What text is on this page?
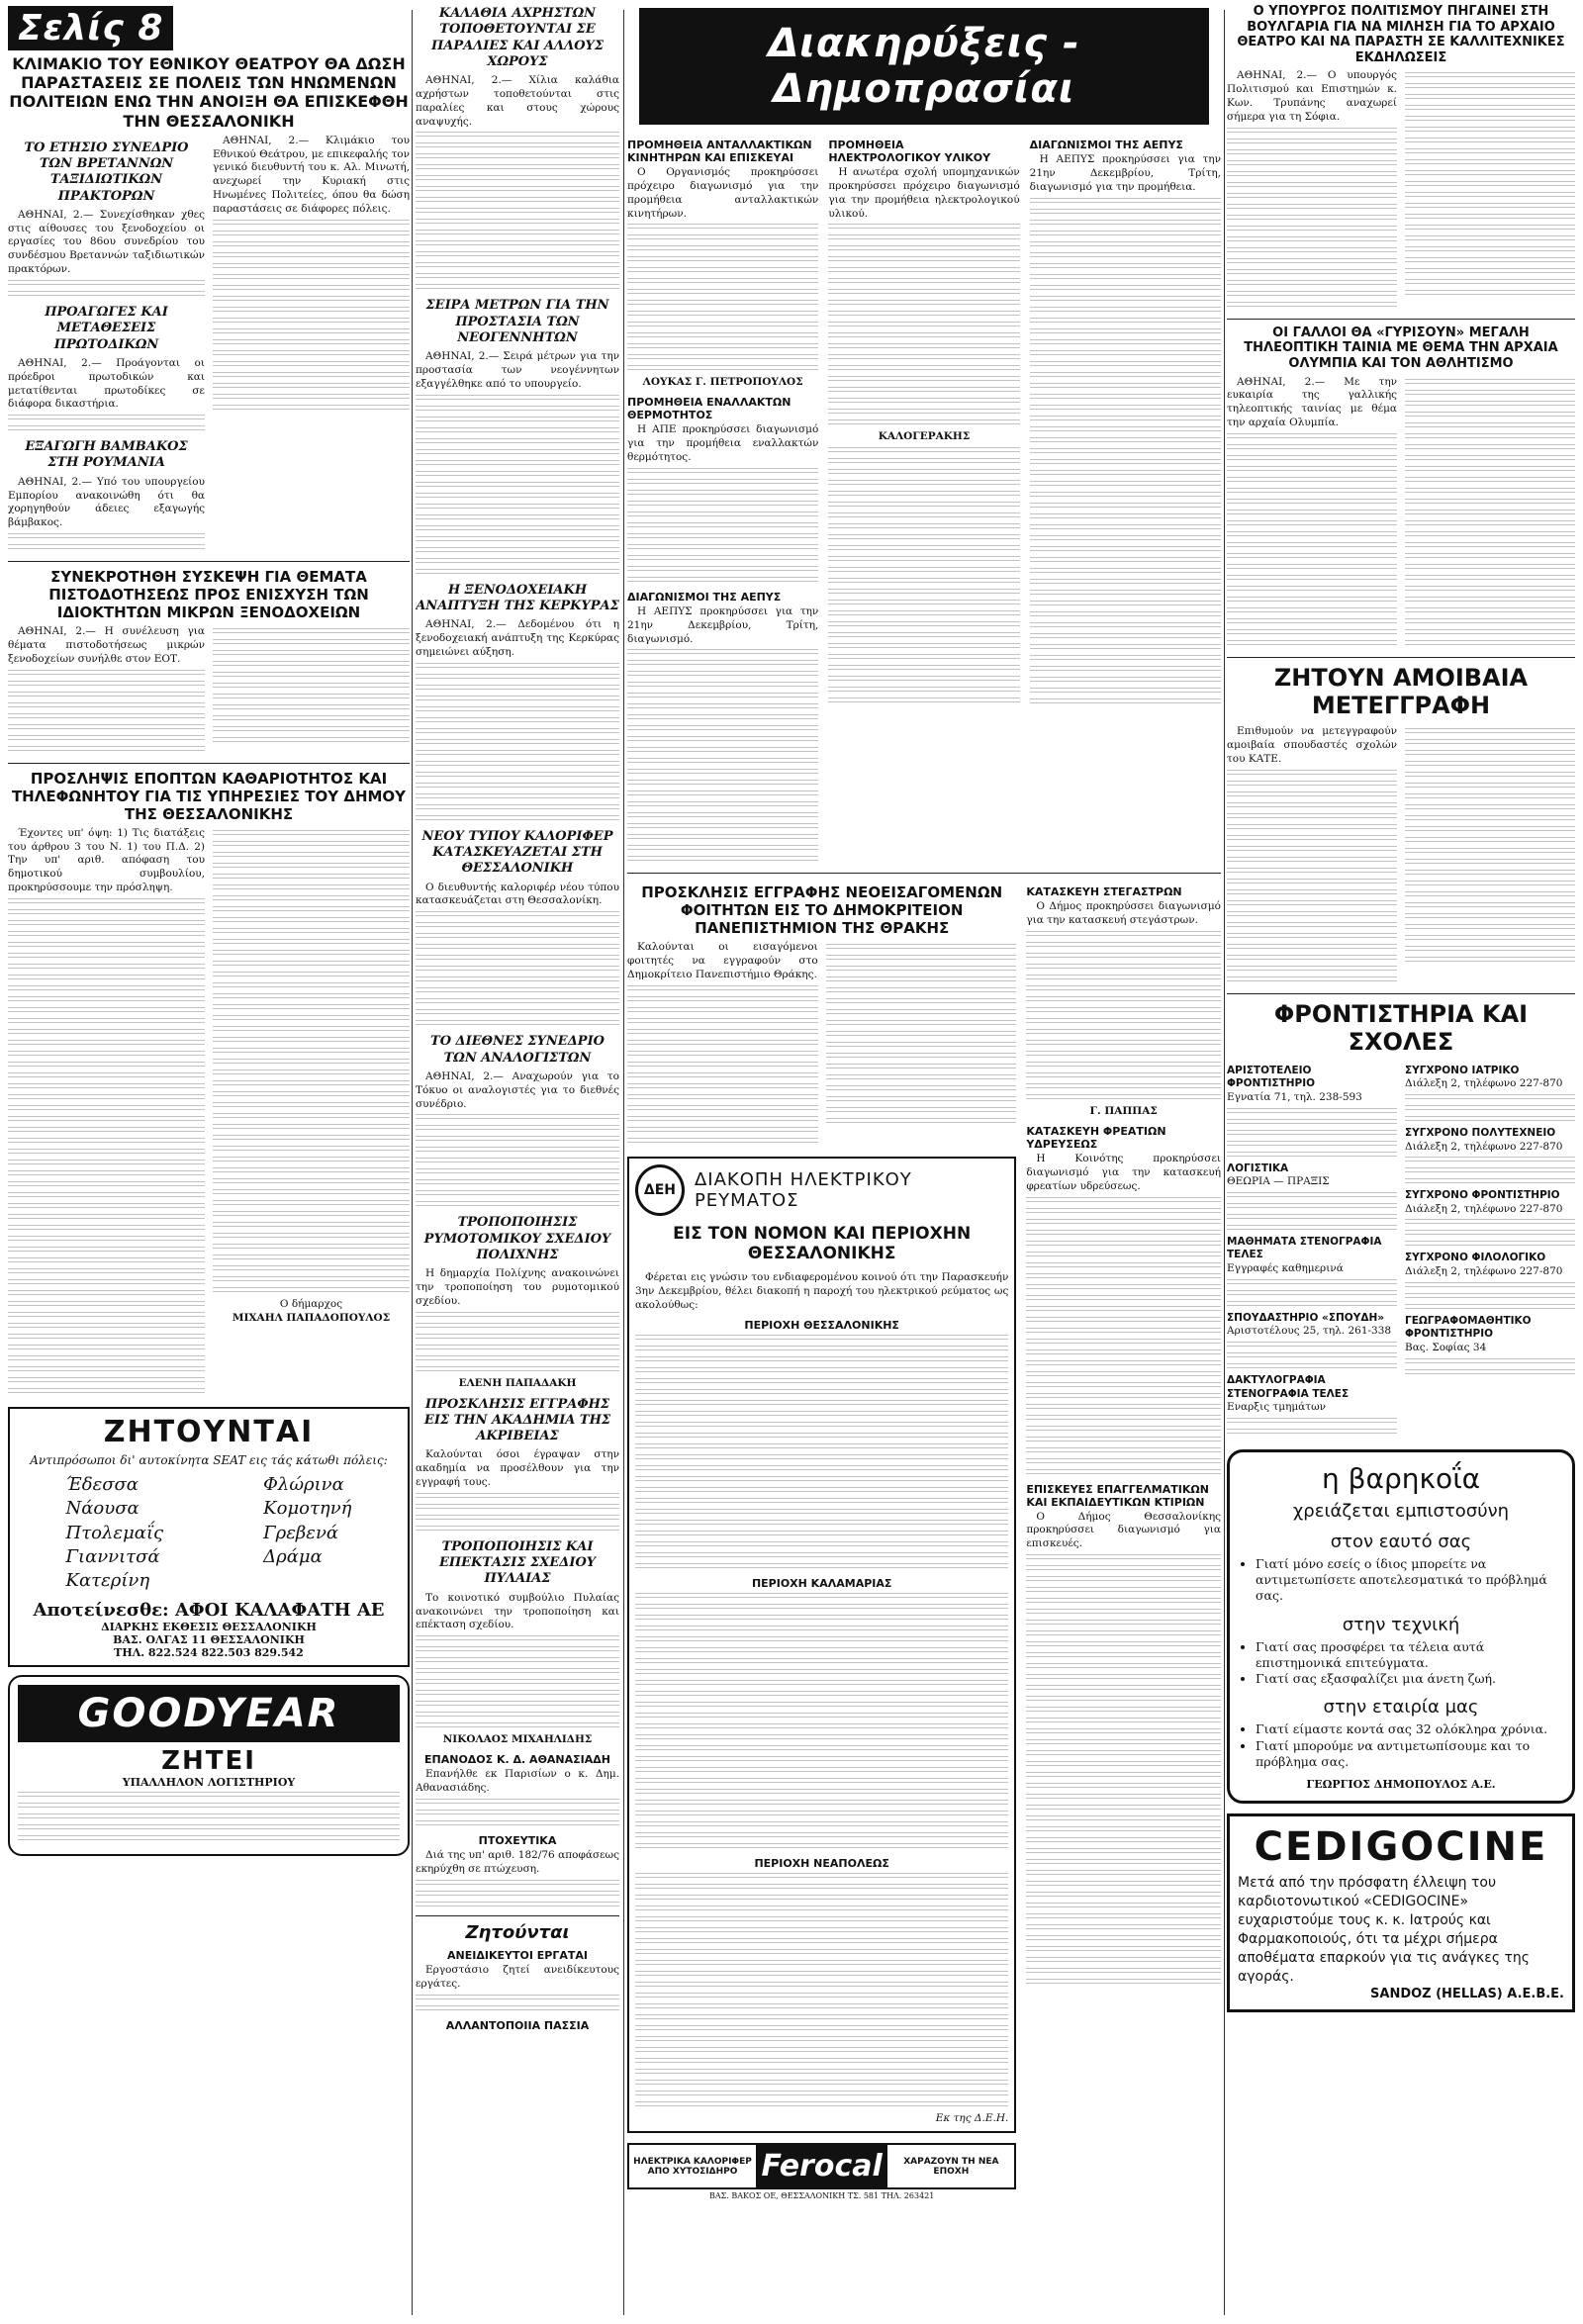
Σελίς 8
ΚΛΙΜΑΚΙΟ ΤΟΥ ΕΘΝΙΚΟΥ ΘΕΑΤΡΟΥ ΘΑ ΔΩΣΗ ΠΑΡΑΣΤΑΣΕΙΣ ΣΕ ΠΟΛΕΙΣ ΤΩΝ ΗΝΩΜΕΝΩΝ ΠΟΛΙΤΕΙΩΝ ΕΝΩ ΤΗΝ ΑΝΟΙΞΗ ΘΑ ΕΠΙΣΚΕΦΘΗ ΤΗΝ ΘΕΣΣΑΛΟΝΙΚΗ
ΤΟ ΕΤΗΣΙΟ ΣΥΝΕΔΡΙΟ ΤΩΝ ΒΡΕΤΑΝΝΩΝ ΤΑΞΙΔΙΩΤΙΚΩΝ ΠΡΑΚΤΟΡΩΝ

ΑΘΗΝΑΙ, 2.— Συνεχίσθηκαν χθες στις αίθουσες του ξενοδοχείου οι εργασίες του 86ου συνεδρίου του συνδέσμου Βρεταννών ταξιδιωτικών πρακτόρων.

ΠΡΟΑΓΩΓΕΣ ΚΑΙ ΜΕΤΑΘΕΣΕΙΣ ΠΡΩΤΟΔΙΚΩΝ

ΑΘΗΝΑΙ, 2.— Προάγονται οι πρόεδροι πρωτοδικών και μετατίθενται πρωτοδίκες σε διάφορα δικαστήρια.

ΕΞΑΓΩΓΗ ΒΑΜΒΑΚΟΣ ΣΤΗ ΡΟΥΜΑΝΙΑ

ΑΘΗΝΑΙ, 2.— Υπό του υπουργείου Εμπορίου ανακοινώθη ότι θα χορηγηθούν άδειες εξαγωγής βάμβακος.

ΑΘΗΝΑΙ, 2.— Κλιμάκιο του Εθνικού Θεάτρου, με επικεφαλής τον γενικό διευθυντή του κ. Αλ. Μινωτή, ανεχωρεί την Κυριακή στις Ηνωμένες Πολιτείες, όπου θα δώση παραστάσεις σε διάφορες πόλεις.

ΣΥΝΕΚΡΟΤΗΘΗ ΣΥΣΚΕΨΗ ΓΙΑ ΘΕΜΑΤΑ ΠΙΣΤΟΔΟΤΗΣΕΩΣ ΠΡΟΣ ΕΝΙΣΧΥΣΗ ΤΩΝ ΙΔΙΟΚΤΗΤΩΝ ΜΙΚΡΩΝ ΞΕΝΟΔΟΧΕΙΩΝ

ΑΘΗΝΑΙ, 2.— Η συνέλευση για θέματα πιστοδοτήσεως μικρών ξενοδοχείων συνήλθε στον ΕΟΤ.

ΠΡΟΣΛΗΨΙΣ ΕΠΟΠΤΩΝ ΚΑΘΑΡΙΟΤΗΤΟΣ ΚΑΙ ΤΗΛΕΦΩΝΗΤΟΥ ΓΙΑ ΤΙΣ ΥΠΗΡΕΣΙΕΣ ΤΟΥ ΔΗΜΟΥ ΤΗΣ ΘΕΣΣΑΛΟΝΙΚΗΣ

Έχοντες υπ' όψη: 1) Τις διατάξεις του άρθρου 3 του Ν. 1) του Π.Δ. 2) Την υπ' αριθ. απόφαση του δημοτικού συμβουλίου, προκηρύσσουμε την πρόσληψη.

Ο δήμαρχος
ΜΙΧΑΗΛ ΠΑΠΑΔΟΠΟΥΛΟΣ
ΖΗΤΟΥΝΤΑΙ
Αντιπρόσωποι δι' αυτοκίνητα SEAT εις τάς κάτωθι πόλεις:
Έδεσσα
Νάουσα
Πτολεμαΐς
Γιαννιτσά
Κατερίνη
Φλώρινα
Κομοτηνή
Γρεβενά
Δράμα
Αποτείνεσθε: ΑΦΟΙ ΚΑΛΑΦΑΤΗ ΑΕ
ΔΙΑΡΚΗΣ ΕΚΘΕΣΙΣ ΘΕΣΣΑΛΟΝΙΚΗ
ΒΑΣ. ΟΛΓΑΣ 11 ΘΕΣΣΑΛΟΝΙΚΗ
ΤΗΛ. 822.524 822.503 829.542
GOODYEAR
ΖΗΤΕΙ
ΥΠΑΛΛΗΛΟΝ ΛΟΓΙΣΤΗΡΙΟΥ
ΚΑΛΑΘΙΑ ΑΧΡΗΣΤΩΝ ΤΟΠΟΘΕΤΟΥΝΤΑΙ ΣΕ ΠΑΡΑΛΙΕΣ ΚΑΙ ΑΛΛΟΥΣ ΧΩΡΟΥΣ

ΑΘΗΝΑΙ, 2.— Χίλια καλάθια αχρήστων τοποθετούνται στις παραλίες και στους χώρους αναψυχής.

ΣΕΙΡΑ ΜΕΤΡΩΝ ΓΙΑ ΤΗΝ ΠΡΟΣΤΑΣΙΑ ΤΩΝ ΝΕΟΓΕΝΝΗΤΩΝ

ΑΘΗΝΑΙ, 2.— Σειρά μέτρων για την προστασία των νεογέννητων εξαγγέλθηκε από το υπουργείο.

Η ΞΕΝΟΔΟΧΕΙΑΚΗ ΑΝΑΠΤΥΞΗ ΤΗΣ ΚΕΡΚΥΡΑΣ

ΑΘΗΝΑΙ, 2.— Δεδομένου ότι η ξενοδοχειακή ανάπτυξη της Κερκύρας σημειώνει αύξηση.

ΝΕΟΥ ΤΥΠΟΥ ΚΑΛΟΡΙΦΕΡ ΚΑΤΑΣΚΕΥΑΖΕΤΑΙ ΣΤΗ ΘΕΣΣΑΛΟΝΙΚΗ

Ο διευθυντής καλοριφέρ νέου τύπου κατασκευάζεται στη Θεσσαλονίκη.

ΤΟ ΔΙΕΘΝΕΣ ΣΥΝΕΔΡΙΟ ΤΩΝ ΑΝΑΛΟΓΙΣΤΩΝ

ΑΘΗΝΑΙ, 2.— Αναχωρούν για το Τόκυο οι αναλογιστές για το διεθνές συνέδριο.

ΤΡΟΠΟΠΟΙΗΣΙΣ ΡΥΜΟΤΟΜΙΚΟΥ ΣΧΕΔΙΟΥ ΠΟΛΙΧΝΗΣ

Η δημαρχία Πολίχνης ανακοινώνει την τροποποίηση του ρυμοτομικού σχεδίου.

ΕΛΕΝΗ ΠΑΠΑΔΑΚΗ
ΠΡΟΣΚΛΗΣΙΣ ΕΓΓΡΑΦΗΣ ΕΙΣ ΤΗΝ ΑΚΑΔΗΜΙΑ ΤΗΣ ΑΚΡΙΒΕΙΑΣ

Καλούνται όσοι έγραψαν στην ακαδημία να προσέλθουν για την εγγραφή τους.

ΤΡΟΠΟΠΟΙΗΣΙΣ ΚΑΙ ΕΠΕΚΤΑΣΙΣ ΣΧΕΔΙΟΥ ΠΥΛΑΙΑΣ

Το κοινοτικό συμβούλιο Πυλαίας ανακοινώνει την τροποποίηση και επέκταση σχεδίου.

ΝΙΚΟΛΑΟΣ ΜΙΧΑΗΛΙΔΗΣ
ΕΠΑΝΟΔΟΣ Κ. Δ. ΑΘΑΝΑΣΙΑΔΗ

Επανήλθε εκ Παρισίων ο κ. Δημ. Αθανασιάδης.

ΠΤΟΧΕΥΤΙΚΑ

Διά της υπ' αριθ. 182/76 αποφάσεως εκηρύχθη σε πτώχευση.

Ζητούνται
ΑΝΕΙΔΙΚΕΥΤΟΙ ΕΡΓΑΤΑΙ

Εργοστάσιο ζητεί ανειδίκευτους εργάτες.

ΑΛΛΑΝΤΟΠΟΙΙΑ ΠΑΣΣΙΑ
Διακηρύξεις - Δημοπρασίαι
ΠΡΟΜΗΘΕΙΑ ΑΝΤΑΛΛΑΚΤΙΚΩΝ ΚΙΝΗΤΗΡΩΝ ΚΑΙ ΕΠΙΣΚΕΥΑΙ

Ο Οργανισμός προκηρύσσει πρόχειρο διαγωνισμό για την προμήθεια ανταλλακτικών κινητήρων.

ΛΟΥΚΑΣ Γ. ΠΕΤΡΟΠΟΥΛΟΣ
ΠΡΟΜΗΘΕΙΑ ΕΝΑΛΛΑΚΤΩΝ ΘΕΡΜΟΤΗΤΟΣ

Η ΑΠΕ προκηρύσσει διαγωνισμό για την προμήθεια εναλλακτών θερμότητος.

ΔΙΑΓΩΝΙΣΜΟΙ ΤΗΣ ΑΕΠΥΣ

Η ΑΕΠΥΣ προκηρύσσει για την 21ην Δεκεμβρίου, Τρίτη, διαγωνισμό.

ΠΡΟΜΗΘΕΙΑ ΗΛΕΚΤΡΟΛΟΓΙΚΟΥ ΥΛΙΚΟΥ

Η ανωτέρα σχολή υπομηχανικών προκηρύσσει πρόχειρο διαγωνισμό για την προμήθεια ηλεκτρολογικού υλικού.

ΚΑΛΟΓΕΡΑΚΗΣ
ΔΙΑΓΩΝΙΣΜΟΙ ΤΗΣ ΑΕΠΥΣ

Η ΑΕΠΥΣ προκηρύσσει για την 21ην Δεκεμβρίου, Τρίτη, διαγωνισμό για την προμήθεια.

ΠΡΟΣΚΛΗΣΙΣ ΕΓΓΡΑΦΗΣ ΝΕΟΕΙΣΑΓΟΜΕΝΩΝ ΦΟΙΤΗΤΩΝ ΕΙΣ ΤΟ ΔΗΜΟΚΡΙΤΕΙΟΝ ΠΑΝΕΠΙΣΤΗΜΙΟΝ ΤΗΣ ΘΡΑΚΗΣ

Καλούνται οι εισαγόμενοι φοιτητές να εγγραφούν στο Δημοκρίτειο Πανεπιστήμιο Θράκης.

ΔΕΗ	ΔΙΑΚΟΠΗ ΗΛΕΚΤΡΙΚΟΥ ΡΕΥΜΑΤΟΣ
ΕΙΣ ΤΟΝ ΝΟΜΟΝ ΚΑΙ ΠΕΡΙΟΧΗΝ ΘΕΣΣΑΛΟΝΙΚΗΣ

Φέρεται εις γνώσιν του ενδιαφερομένου κοινού ότι την Παρασκευήν 3ην Δεκεμβρίου, θέλει διακοπή η παροχή του ηλεκτρικού ρεύματος ως ακολούθως:

ΠΕΡΙΟΧΗ ΘΕΣΣΑΛΟΝΙΚΗΣ
ΠΕΡΙΟΧΗ ΚΑΛΑΜΑΡΙΑΣ
ΠΕΡΙΟΧΗ ΝΕΑΠΟΛΕΩΣ
Εκ της Δ.Ε.Η.
ΗΛΕΚΤΡΙΚΑ ΚΑΛΟΡΙΦΕΡ ΑΠΟ ΧΥΤΟΣΙΔΗΡΟ Ferocal	ΧΑΡΑΖΟΥΝ ΤΗ ΝΕΑ ΕΠΟΧΗ
ΒΑΣ. ΒΑΚΟΣ ΟΕ, ΘΕΣΣΑΛΟΝΙΚΗ ΤΣ. 581 ΤΗΛ. 263421
ΚΑΤΑΣΚΕΥΗ ΣΤΕΓΑΣΤΡΩΝ

Ο Δήμος προκηρύσσει διαγωνισμό για την κατασκευή στεγάστρων.

Γ. ΠΑΠΠΑΣ
ΚΑΤΑΣΚΕΥΗ ΦΡΕΑΤΙΩΝ ΥΔΡΕΥΣΕΩΣ

Η Κοινότης προκηρύσσει διαγωνισμό για την κατασκευή φρεατίων υδρεύσεως.

ΕΠΙΣΚΕΥΕΣ ΕΠΑΓΓΕΛΜΑΤΙΚΩΝ ΚΑΙ ΕΚΠΑΙΔΕΥΤΙΚΩΝ ΚΤΙΡΙΩΝ

Ο Δήμος Θεσσαλονίκης προκηρύσσει διαγωνισμό για επισκευές.

Ο ΥΠΟΥΡΓΟΣ ΠΟΛΙΤΙΣΜΟΥ ΠΗΓΑΙΝΕΙ ΣΤΗ ΒΟΥΛΓΑΡΙΑ ΓΙΑ ΝΑ ΜΙΛΗΣΗ ΓΙΑ ΤΟ ΑΡΧΑΙΟ ΘΕΑΤΡΟ ΚΑΙ ΝΑ ΠΑΡΑΣΤΗ ΣΕ ΚΑΛΛΙΤΕΧΝΙΚΕΣ ΕΚΔΗΛΩΣΕΙΣ

ΑΘΗΝΑΙ, 2.— Ο υπουργός Πολιτισμού και Επιστημών κ. Κων. Τρυπάνης αναχωρεί σήμερα για τη Σόφια.

ΟΙ ΓΑΛΛΟΙ ΘΑ «ΓΥΡΙΣΟΥΝ» ΜΕΓΑΛΗ ΤΗΛΕΟΠΤΙΚΗ ΤΑΙΝΙΑ ΜΕ ΘΕΜΑ ΤΗΝ ΑΡΧΑΙΑ ΟΛΥΜΠΙΑ ΚΑΙ ΤΟΝ ΑΘΛΗΤΙΣΜΟ

ΑΘΗΝΑΙ, 2.— Με την ευκαιρία της γαλλικής τηλεοπτικής ταινίας με θέμα την αρχαία Ολυμπία.

ΖΗΤΟΥΝ ΑΜΟΙΒΑΙΑ ΜΕΤΕΓΓΡΑΦΗ

Επιθυμούν να μετεγγραφούν αμοιβαία σπουδαστές σχολών του ΚΑΤΕ.

ΦΡΟΝΤΙΣΤΗΡΙΑ ΚΑΙ ΣΧΟΛΕΣ
ΑΡΙΣΤΟΤΕΛΕΙΟ ΦΡΟΝΤΙΣΤΗΡΙΟ
Εγνατία 71, τηλ. 238-593
ΛΟΓΙΣΤΙΚΑ
ΘΕΩΡΙΑ — ΠΡΑΞΙΣ
ΜΑΘΗΜΑΤΑ ΣΤΕΝΟΓΡΑΦΙΑ ΤΕΛΕΣ
Εγγραφές καθημερινά
ΣΠΟΥΔΑΣΤΗΡΙΟ «ΣΠΟΥΔΗ»
Αριστοτέλους 25, τηλ. 261-338
ΔΑΚΤΥΛΟΓΡΑΦΙΑ ΣΤΕΝΟΓΡΑΦΙΑ ΤΕΛΕΣ
Εναρξις τμημάτων
ΣΥΓΧΡΟΝΟ ΙΑΤΡΙΚΟ
Διάλεξη 2, τηλέφωνο 227-870
ΣΥΓΧΡΟΝΟ ΠΟΛΥΤΕΧΝΕΙΟ
Διάλεξη 2, τηλέφωνο 227-870
ΣΥΓΧΡΟΝΟ ΦΡΟΝΤΙΣΤΗΡΙΟ
Διάλεξη 2, τηλέφωνο 227-870
ΣΥΓΧΡΟΝΟ ΦΙΛΟΛΟΓΙΚΟ
Διάλεξη 2, τηλέφωνο 227-870
ΓΕΩΓΡΑΦΟΜΑΘΗΤΙΚΟ ΦΡΟΝΤΙΣΤΗΡΙΟ
Βας. Σοφίας 34
η βαρηκοΐα
χρειάζεται εμπιστοσύνη
στον εαυτό σας
• Γιατί μόνο εσείς ο ίδιος μπορείτε να αντιμετωπίσετε αποτελεσματικά το πρόβλημά σας.
στην τεχνική
• Γιατί σας προσφέρει τα τέλεια αυτά επιστημονικά επιτεύγματα.
• Γιατί σας εξασφαλίζει μια άνετη ζωή.
στην εταιρία μας
• Γιατί είμαστε κοντά σας 32 ολόκληρα χρόνια.
• Γιατί μπορούμε να αντιμετωπίσουμε και το πρόβλημα σας.
ΓΕΩΡΓΙΟΣ ΔΗΜΟΠΟΥΛΟΣ Α.Ε.
CEDIGOCINE
Μετά από την πρόσφατη έλλειψη του καρδιοτονωτικού «CEDIGOCINE» ευχαριστούμε τους κ. κ. Ιατρούς και Φαρμακοποιούς, ότι τα μέχρι σήμερα αποθέματα επαρκούν για τις ανάγκες της αγοράς.
SANDOZ (HELLAS) A.E.B.E.
